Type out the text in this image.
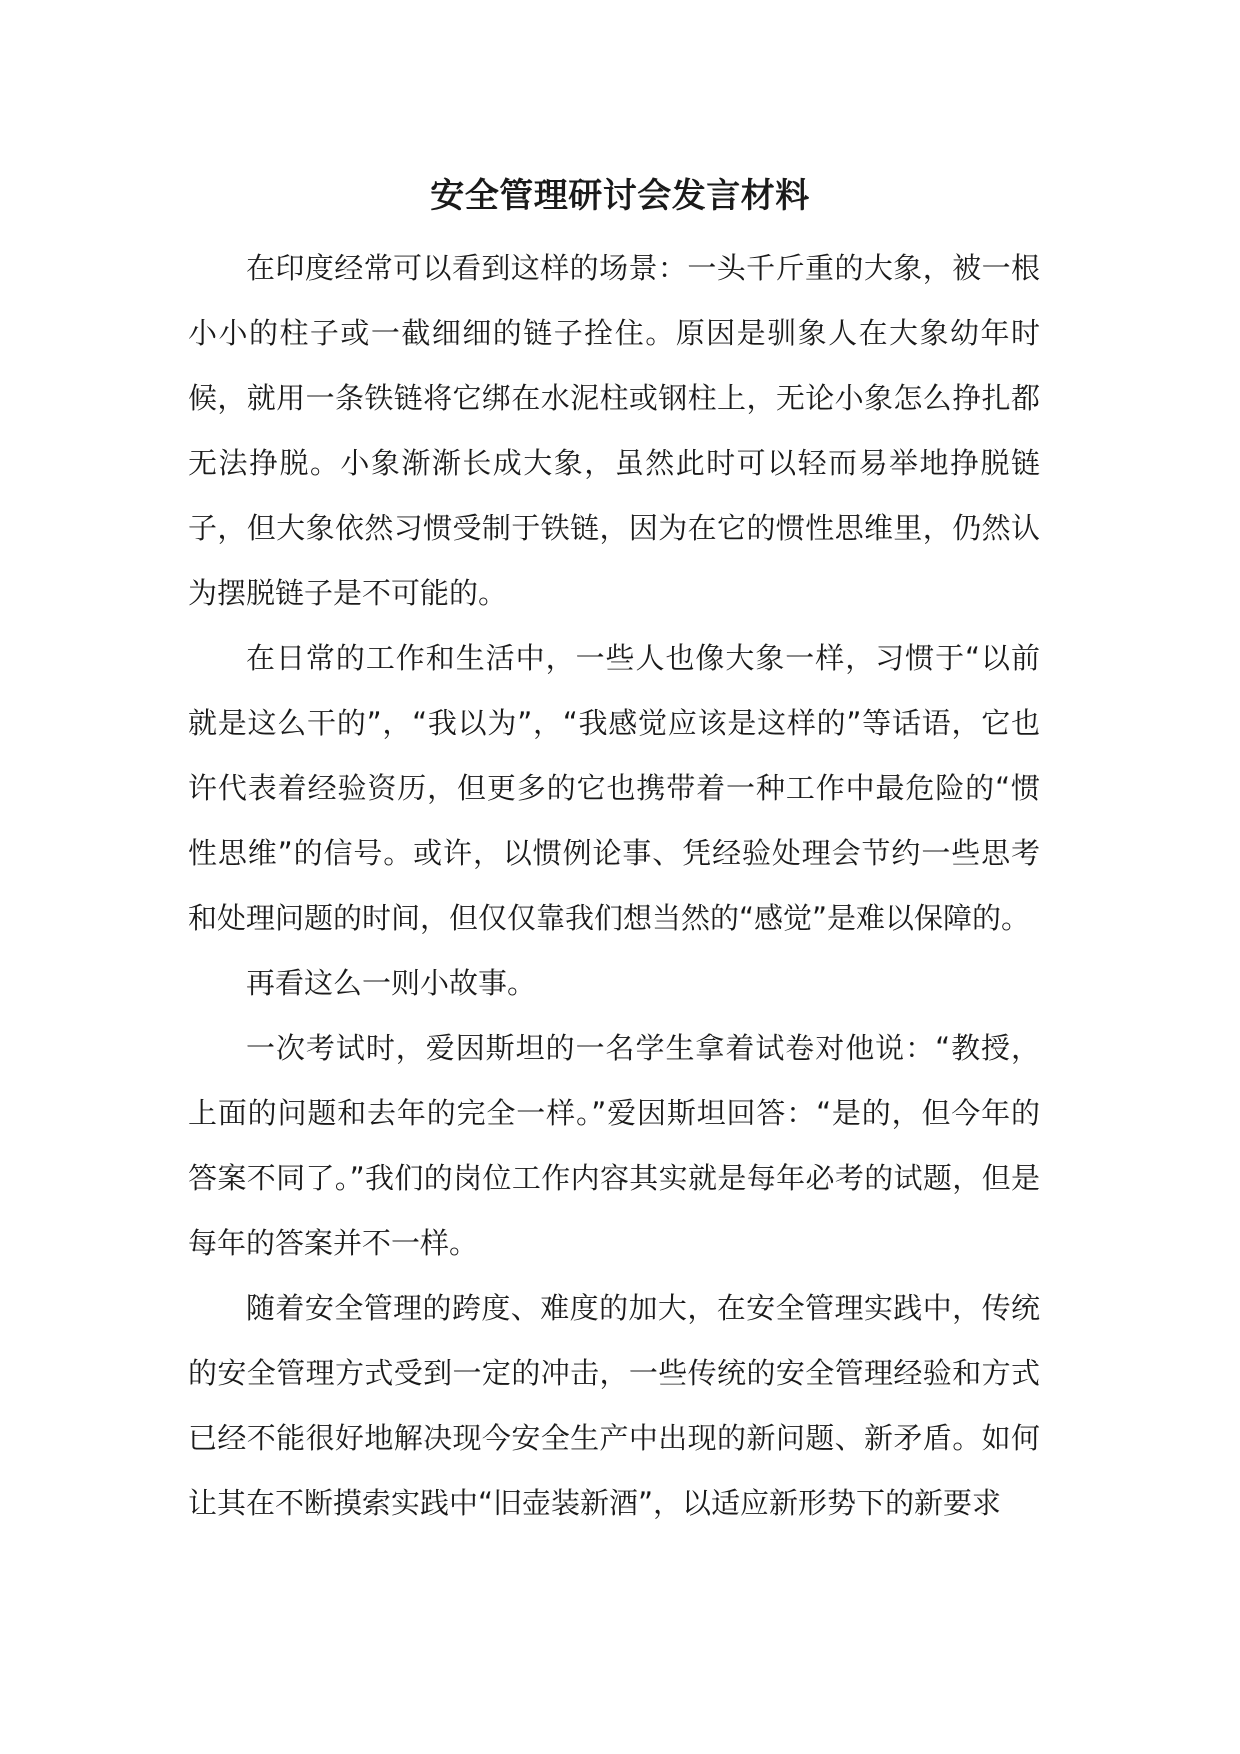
安全管理研讨会发言材料

在印度经常可以看到这样的场景：一头千斤重的大象，被一根小小的柱子或一截细细的链子拴住。原因是驯象人在大象幼年时候，就用一条铁链将它绑在水泥柱或钢柱上，无论小象怎么挣扎都无法挣脱。小象渐渐长成大象，虽然此时可以轻而易举地挣脱链子，但大象依然习惯受制于铁链，因为在它的惯性思维里，仍然认为摆脱链子是不可能的。

在日常的工作和生活中，一些人也像大象一样，习惯于“以前就是这么干的”，“我以为”，“我感觉应该是这样的”等话语，它也许代表着经验资历，但更多的它也携带着一种工作中最危险的“惯性思维”的信号。或许，以惯例论事、凭经验处理会节约一些思考和处理问题的时间，但仅仅靠我们想当然的“感觉”是难以保障的。

再看这么一则小故事。

一次考试时，爱因斯坦的一名学生拿着试卷对他说：“教授，上面的问题和去年的完全一样。”爱因斯坦回答：“是的，但今年的答案不同了。”我们的岗位工作内容其实就是每年必考的试题，但是每年的答案并不一样。

随着安全管理的跨度、难度的加大，在安全管理实践中，传统的安全管理方式受到一定的冲击，一些传统的安全管理经验和方式已经不能很好地解决现今安全生产中出现的新问题、新矛盾。如何让其在不断摸索实践中“旧壶装新酒”，以适应新形势下的新要求
